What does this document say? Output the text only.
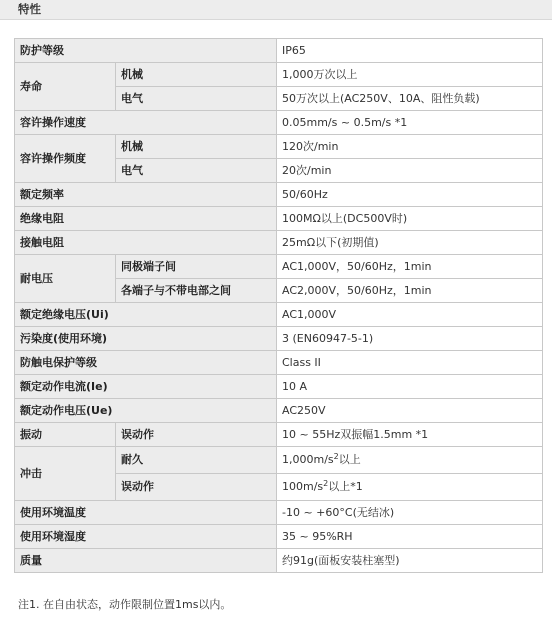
特性
防护等级		IP65
寿命	机械	1,000万次以上
	电气	50万次以上(AC250V、10A、阻性负载)
容许操作速度		0.05mm/s ~ 0.5m/s *1
容许操作频度	机械	120次/min
	电气	20次/min
额定频率		50/60Hz
绝缘电阻		100MΩ以上(DC500V时)
接触电阻		25mΩ以下(初期值)
耐电压	同极端子间	AC1,000V，50/60Hz，1min
	各端子与不带电部之间	AC2,000V，50/60Hz，1min
额定绝缘电压(Ui)		AC1,000V
污染度(使用环境)		3 (EN60947-5-1)
防触电保护等级		Class II
额定动作电流(Ie)		10 A
额定动作电压(Ue)		AC250V
振动	误动作	10 ~ 55Hz双振幅1.5mm *1
冲击	耐久	$1,000m/s^2$以上
	误动作	$100m/s^2$以上*1
使用环境温度		-10 ~ +60°C(无结冰)
使用环境湿度		35 ~ 95%RH
质量		约91g(面板安装柱塞型)
注1. 在自由状态，动作限制位置1ms以内。
